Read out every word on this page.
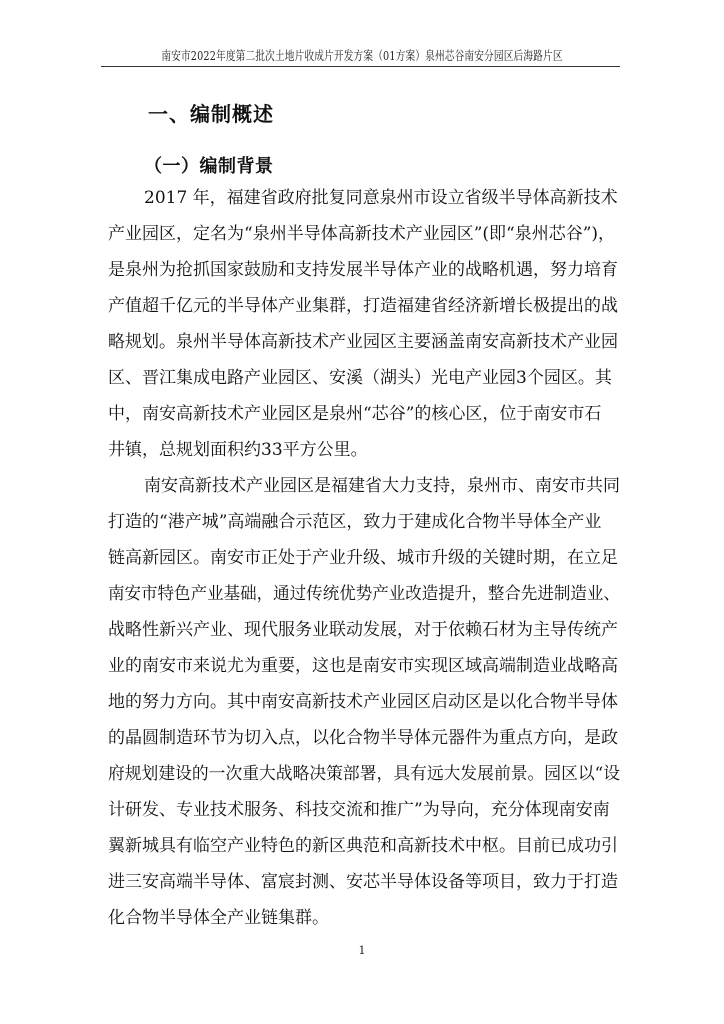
南安市2022年度第二批次土地片收成片开发方案（01方案）泉州芯谷南安分园区后海路片区
一、编制概述
（一）编制背景
2017 年，福建省政府批复同意泉州市设立省级半导体高新技术
产业园区，定名为“泉州半导体高新技术产业园区”(即“泉州芯谷”)，
是泉州为抢抓国家鼓励和支持发展半导体产业的战略机遇，努力培育
产值超千亿元的半导体产业集群，打造福建省经济新增长极提出的战
略规划。泉州半导体高新技术产业园区主要涵盖南安高新技术产业园
区、晋江集成电路产业园区、安溪（湖头）光电产业园3个园区。其
中，南安高新技术产业园区是泉州“芯谷”的核心区，位于南安市石
井镇，总规划面积约33平方公里。
南安高新技术产业园区是福建省大力支持，泉州市、南安市共同
打造的“港产城”高端融合示范区，致力于建成化合物半导体全产业
链高新园区。南安市正处于产业升级、城市升级的关键时期，在立足
南安市特色产业基础，通过传统优势产业改造提升，整合先进制造业、
战略性新兴产业、现代服务业联动发展，对于依赖石材为主导传统产
业的南安市来说尤为重要，这也是南安市实现区域高端制造业战略高
地的努力方向。其中南安高新技术产业园区启动区是以化合物半导体
的晶圆制造环节为切入点，以化合物半导体元器件为重点方向，是政
府规划建设的一次重大战略决策部署，具有远大发展前景。园区以“设
计研发、专业技术服务、科技交流和推广”为导向，充分体现南安南
翼新城具有临空产业特色的新区典范和高新技术中枢。目前已成功引
进三安高端半导体、富宸封测、安芯半导体设备等项目，致力于打造
化合物半导体全产业链集群。
1
